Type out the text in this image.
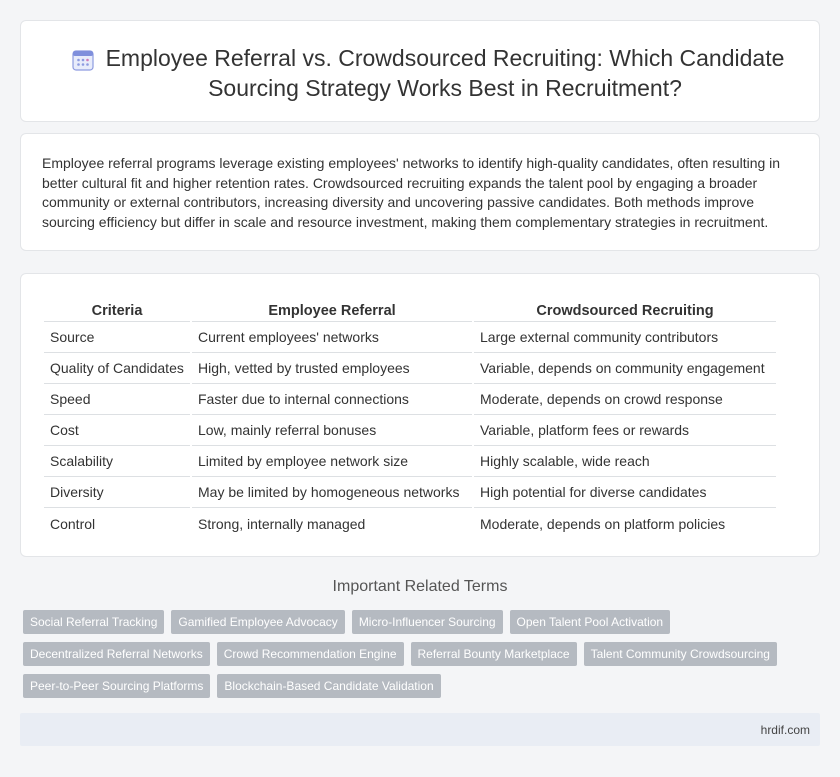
Employee Referral vs. Crowdsourced Recruiting: Which Candidate Sourcing Strategy Works Best in Recruitment?

Employee referral programs leverage existing employees' networks to identify high-quality candidates, often resulting in better cultural fit and higher retention rates. Crowdsourced recruiting expands the talent pool by engaging a broader community or external contributors, increasing diversity and uncovering passive candidates. Both methods improve sourcing efficiency but differ in scale and resource investment, making them complementary strategies in recruitment.

Criteria	Employee Referral	Crowdsourced Recruiting
Source	Current employees' networks	Large external community contributors
Quality of Candidates	High, vetted by trusted employees	Variable, depends on community engagement
Speed	Faster due to internal connections	Moderate, depends on crowd response
Cost	Low, mainly referral bonuses	Variable, platform fees or rewards
Scalability	Limited by employee network size	Highly scalable, wide reach
Diversity	May be limited by homogeneous networks	High potential for diverse candidates
Control	Strong, internally managed	Moderate, depends on platform policies
Important Related Terms
Social Referral Tracking	Gamified Employee Advocacy	Micro-Influencer Sourcing	Open Talent Pool Activation
Decentralized Referral Networks	Crowd Recommendation Engine	Referral Bounty Marketplace	Talent Community Crowdsourcing
Peer-to-Peer Sourcing Platforms	Blockchain-Based Candidate Validation
hrdif.com
